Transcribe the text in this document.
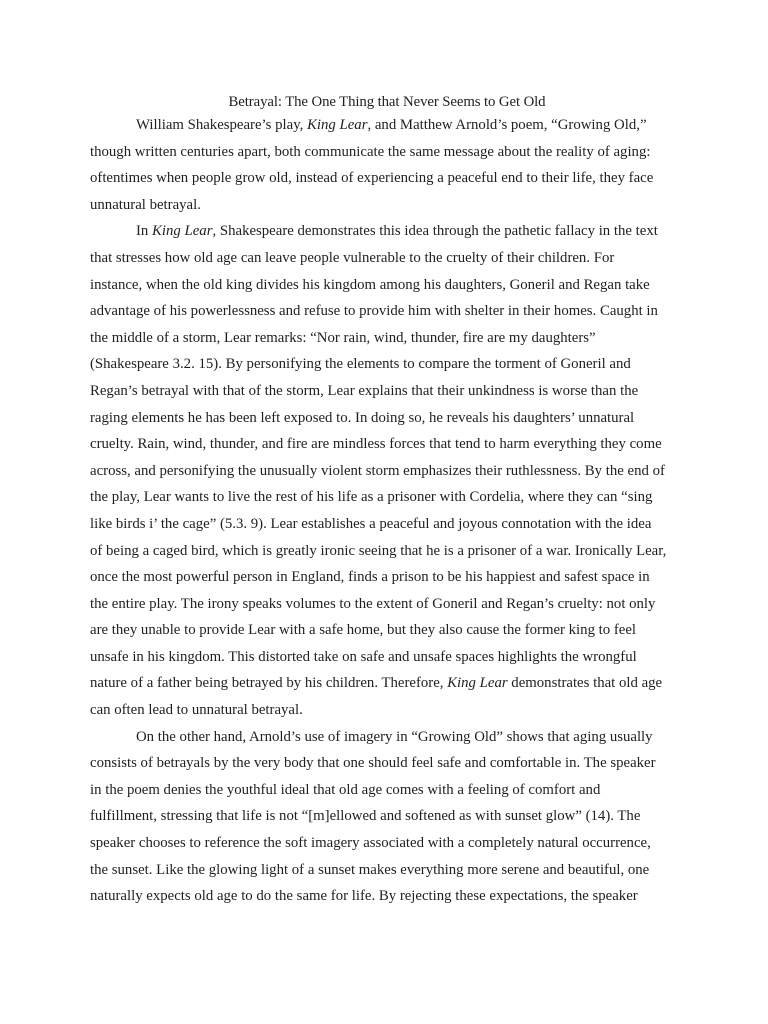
Betrayal: The One Thing that Never Seems to Get Old
William Shakespeare’s play, King Lear, and Matthew Arnold’s poem, “Growing Old,”
though written centuries apart, both communicate the same message about the reality of aging:
oftentimes when people grow old, instead of experiencing a peaceful end to their life, they face
unnatural betrayal.
In King Lear, Shakespeare demonstrates this idea through the pathetic fallacy in the text
that stresses how old age can leave people vulnerable to the cruelty of their children. For
instance, when the old king divides his kingdom among his daughters, Goneril and Regan take
advantage of his powerlessness and refuse to provide him with shelter in their homes. Caught in
the middle of a storm, Lear remarks: “Nor rain, wind, thunder, fire are my daughters”
(Shakespeare 3.2. 15). By personifying the elements to compare the torment of Goneril and
Regan’s betrayal with that of the storm, Lear explains that their unkindness is worse than the
raging elements he has been left exposed to. In doing so, he reveals his daughters’ unnatural
cruelty. Rain, wind, thunder, and fire are mindless forces that tend to harm everything they come
across, and personifying the unusually violent storm emphasizes their ruthlessness. By the end of
the play, Lear wants to live the rest of his life as a prisoner with Cordelia, where they can “sing
like birds i’ the cage” (5.3. 9). Lear establishes a peaceful and joyous connotation with the idea
of being a caged bird, which is greatly ironic seeing that he is a prisoner of a war. Ironically Lear,
once the most powerful person in England, finds a prison to be his happiest and safest space in
the entire play. The irony speaks volumes to the extent of Goneril and Regan’s cruelty: not only
are they unable to provide Lear with a safe home, but they also cause the former king to feel
unsafe in his kingdom. This distorted take on safe and unsafe spaces highlights the wrongful
nature of a father being betrayed by his children. Therefore, King Lear demonstrates that old age
can often lead to unnatural betrayal.
On the other hand, Arnold’s use of imagery in “Growing Old” shows that aging usually
consists of betrayals by the very body that one should feel safe and comfortable in. The speaker
in the poem denies the youthful ideal that old age comes with a feeling of comfort and
fulfillment, stressing that life is not “[m]ellowed and softened as with sunset glow” (14). The
speaker chooses to reference the soft imagery associated with a completely natural occurrence,
the sunset. Like the glowing light of a sunset makes everything more serene and beautiful, one
naturally expects old age to do the same for life. By rejecting these expectations, the speaker
